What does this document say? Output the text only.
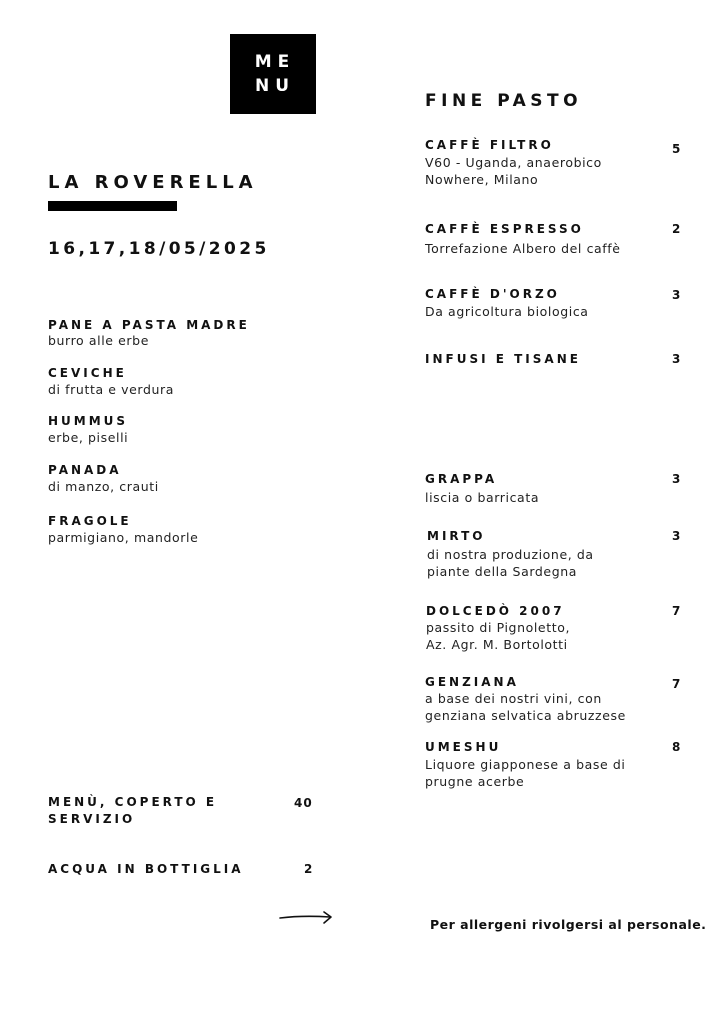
MENU
LA ROVERELLA
16,17,18/05/2025
PANE A PASTA MADRE
burro alle erbe
CEVICHE
di frutta e verdura
HUMMUS
erbe, piselli
PANADA
di manzo, crauti
FRAGOLE
parmigiano, mandorle
FINE PASTO
CAFFÈ FILTRO
V60 - Uganda, anaerobico
Nowhere, Milano
5
CAFFÈ ESPRESSO
Torrefazione Albero del caffè
2
CAFFÈ D'ORZO
Da agricoltura biologica
3
INFUSI E TISANE	3
GRAPPA
liscia o barricata
3
MIRTO
di nostra produzione, da
piante della Sardegna
3
DOLCEDÒ 2007
passito di Pignoletto,
Az. Agr. M. Bortolotti
7
GENZIANA
a base dei nostri vini, con
genziana selvatica abruzzese
7
UMESHU
Liquore giapponese a base di
prugne acerbe
8
MENÙ, COPERTO E
SERVIZIO
40
ACQUA IN BOTTIGLIA	2
Per allergeni rivolgersi al personale.
